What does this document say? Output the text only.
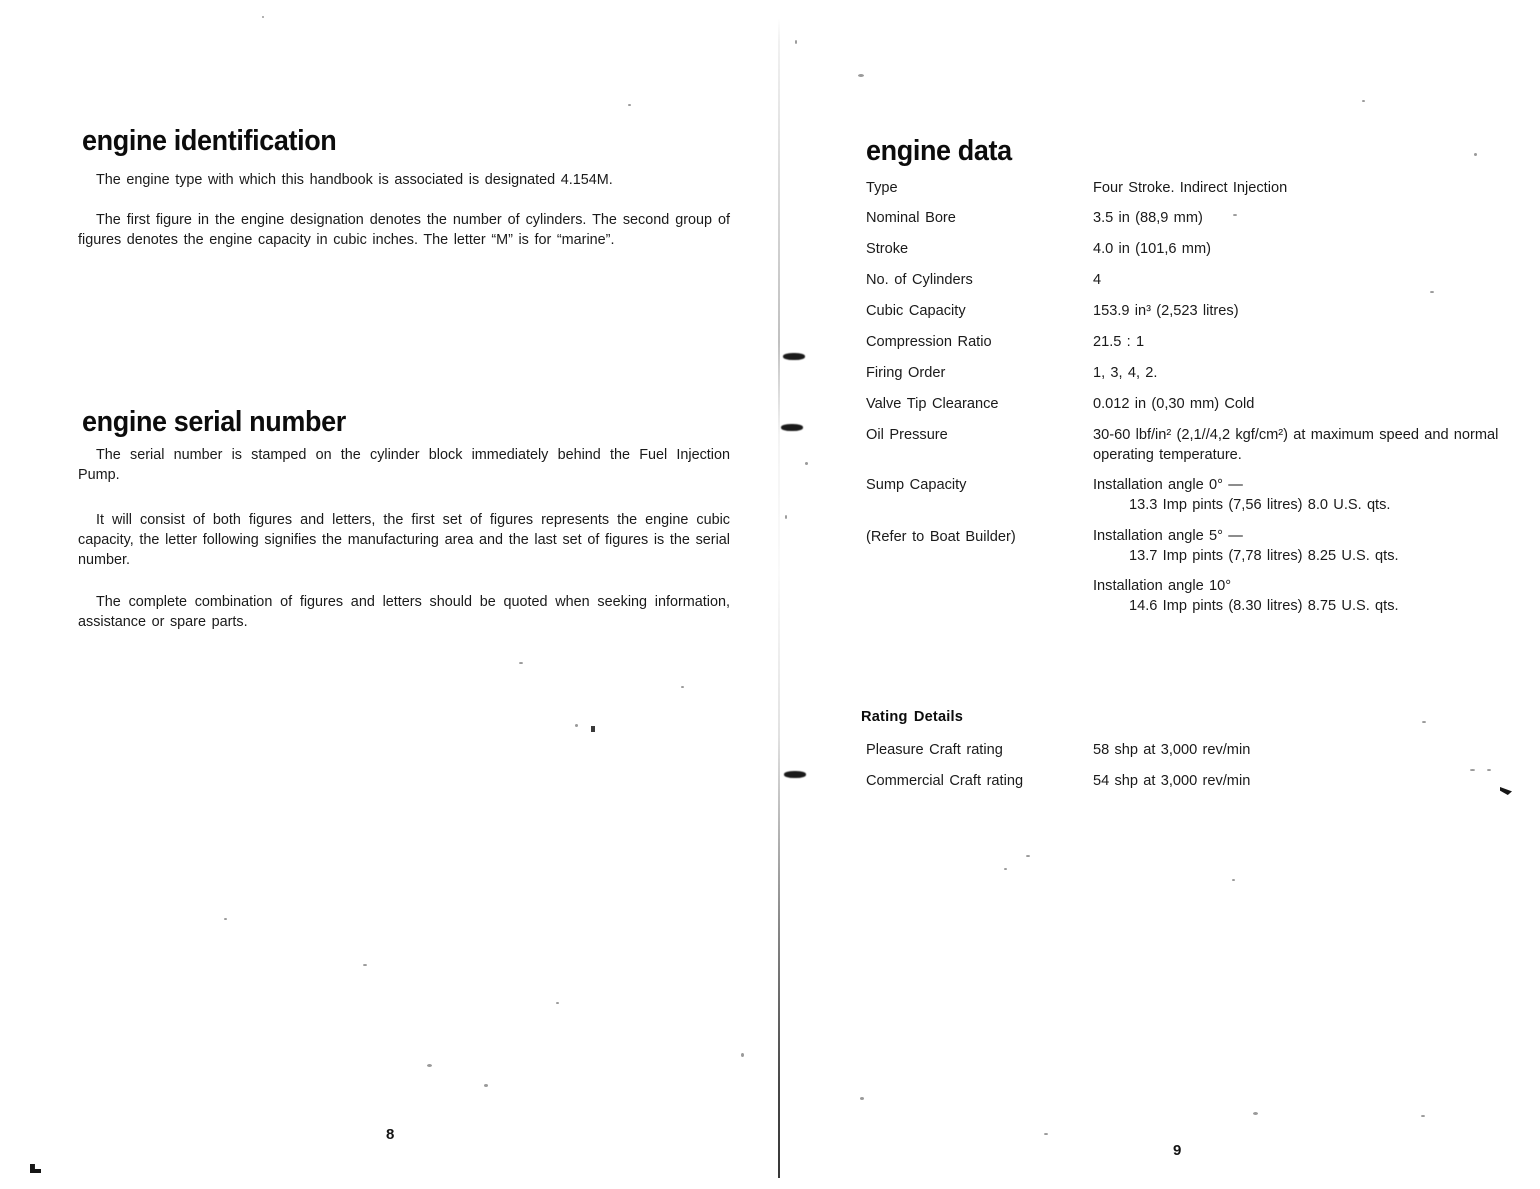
engine identification
The engine type with which this handbook is associated is designated 4.154M.
The first figure in the engine designation denotes the number of cylinders. The second group of figures denotes the engine capacity in cubic inches. The letter “M” is for “marine”.
engine serial number
The serial number is stamped on the cylinder block immediately behind the Fuel Injection Pump.
It will consist of both figures and letters, the first set of figures represents the engine cubic capacity, the letter following signifies the manufacturing area and the last set of figures is the serial number.
The complete combination of figures and letters should be quoted when seeking information, assistance or spare parts.
8
engine data
Type
Nominal Bore
Stroke
No. of Cylinders
Cubic Capacity
Compression Ratio
Firing Order
Valve Tip Clearance
Oil Pressure
Four Stroke. Indirect Injection
3.5 in (88,9 mm)
4.0 in (101,6 mm)
4
153.9 in³ (2,523 litres)
21.5 : 1
1, 3, 4, 2.
0.012 in (0,30 mm) Cold
30-60 lbf/in² (2,1//4,2 kgf/cm²) at maximum speed and normal operating temperature.
Sump Capacity
(Refer to Boat Builder)
Installation angle 0° —
13.3 Imp pints (7,56 litres) 8.0 U.S. qts.
Installation angle 5° —
13.7 Imp pints (7,78 litres) 8.25 U.S. qts.
Installation angle 10°
14.6 Imp pints (8.30 litres) 8.75 U.S. qts.
Rating Details
Pleasure Craft rating
Commercial Craft rating
58 shp at 3,000 rev/min
54 shp at 3,000 rev/min
9
